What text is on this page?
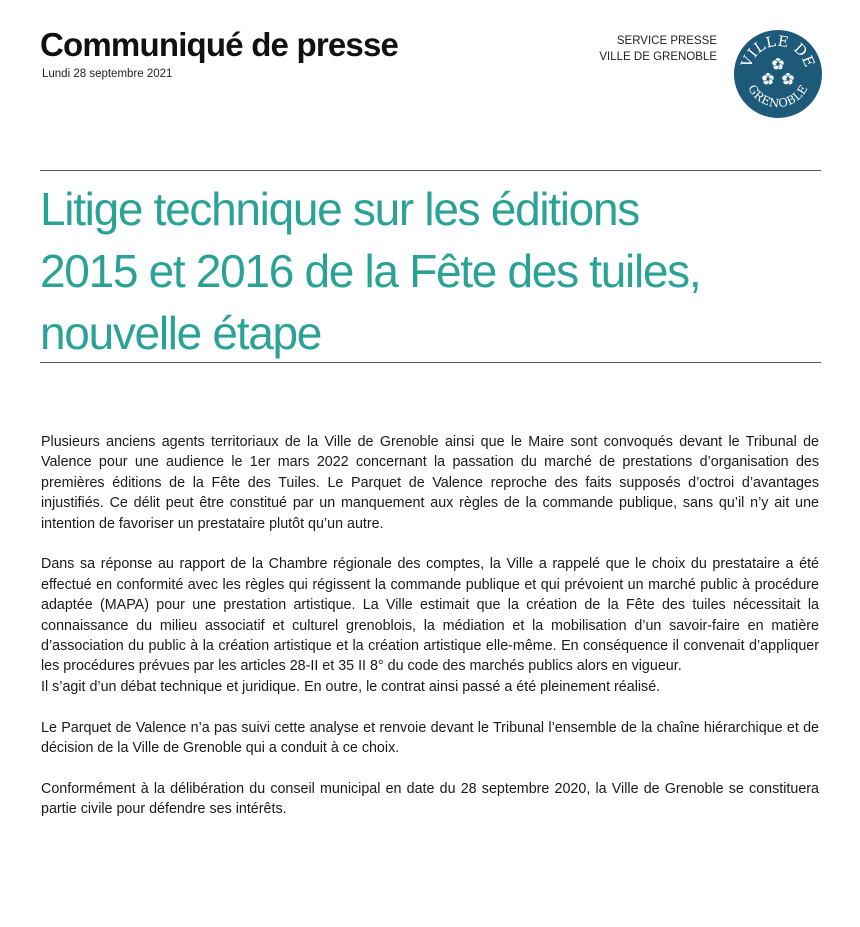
Communiqué de presse
Lundi 28 septembre 2021
SERVICE PRESSE
VILLE DE GRENOBLE VILLE DE
GRENOBLE
Litige technique sur les éditions
2015 et 2016 de la Fête des tuiles,
nouvelle étape

Plusieurs anciens agents territoriaux de la Ville de Grenoble ainsi que le Maire sont convoqués devant le Tribunal de Valence pour une audience le 1er mars 2022 concernant la passation du marché de prestations d’organisation des premières éditions de la Fête des Tuiles. Le Parquet de Valence reproche des faits supposés d’octroi d’avantages injustifiés. Ce délit peut être constitué par un manquement aux règles de la commande publique, sans qu’il n’y ait une intention de favoriser un prestataire plutôt qu’un autre.

Dans sa réponse au rapport de la Chambre régionale des comptes, la Ville a rappelé que le choix du prestataire a été effectué en conformité avec les règles qui régissent la commande publique et qui prévoient un marché public à procédure adaptée (MAPA) pour une prestation artistique. La Ville estimait que la création de la Fête des tuiles nécessitait la connaissance du milieu associatif et culturel grenoblois, la médiation et la mobilisation d’un savoir-faire en matière d’association du public à la création artistique et la création artistique elle-même. En conséquence il convenait d’appliquer les procédures prévues par les articles 28-II et 35 II 8° du code des marchés publics alors en vigueur.

Il s’agit d’un débat technique et juridique. En outre, le contrat ainsi passé a été pleinement réalisé.

Le Parquet de Valence n’a pas suivi cette analyse et renvoie devant le Tribunal l’ensemble de la chaîne hiérarchique et de décision de la Ville de Grenoble qui a conduit à ce choix.

Conformément à la délibération du conseil municipal en date du 28 septembre 2020, la Ville de Grenoble se constituera partie civile pour défendre ses intérêts.
